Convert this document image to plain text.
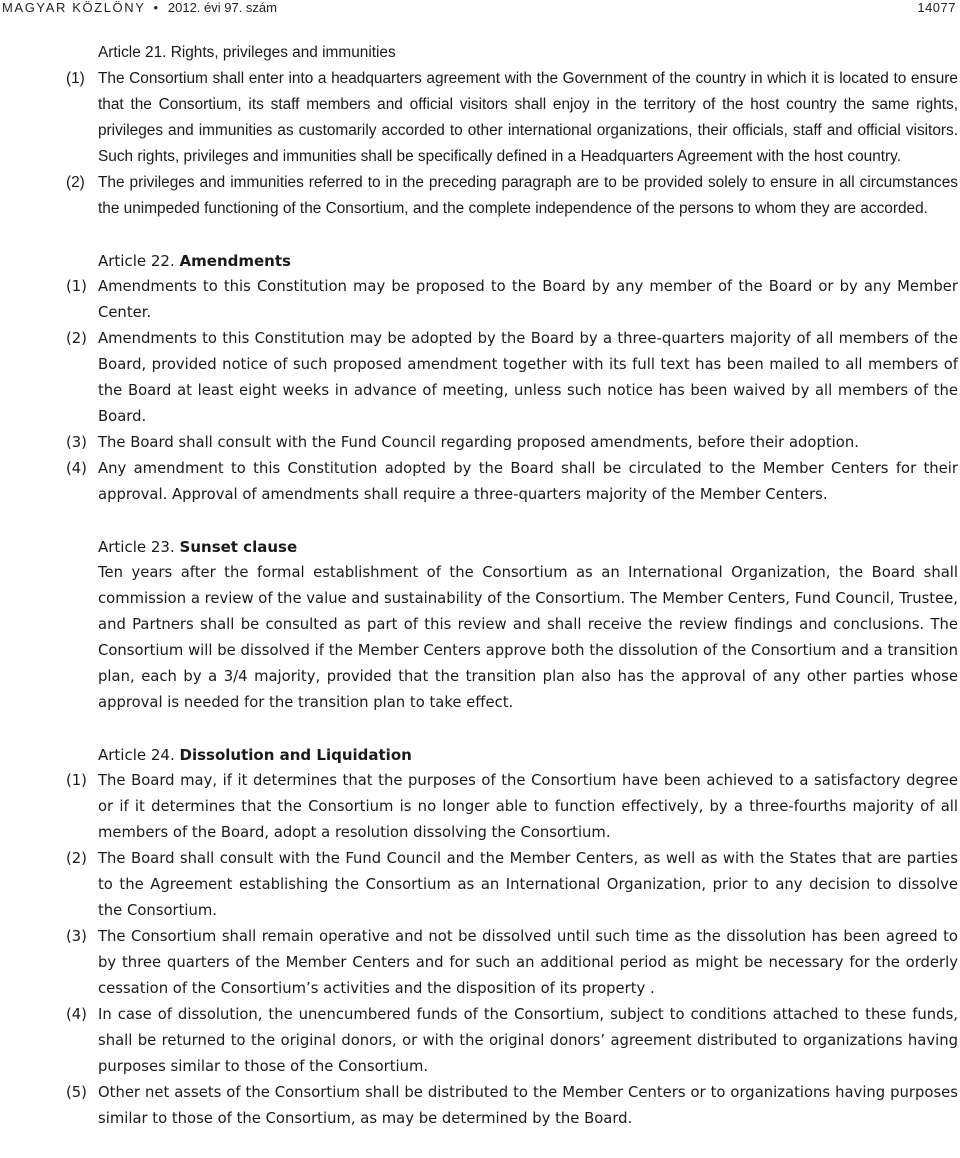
MAGYAR KÖZLÖNY • 2012. évi 97. szám	14077
Article 21. Rights, privileges and immunities

(1) The Consortium shall enter into a headquarters agreement with the Government of the country in which it is located to ensure that the Consortium, its staff members and official visitors shall enjoy in the territory of the host country the same rights, privileges and immunities as customarily accorded to other international organizations, their officials, staff and official visitors. Such rights, privileges and immunities shall be specifically defined in a Headquarters Agreement with the host country.

(2) The privileges and immunities referred to in the preceding paragraph are to be provided solely to ensure in all circumstances the unimpeded functioning of the Consortium, and the complete independence of the persons to whom they are accorded.

Article 22. Amendments

(1) Amendments to this Constitution may be proposed to the Board by any member of the Board or by any Member Center.

(2) Amendments to this Constitution may be adopted by the Board by a three-quarters majority of all members of the Board, provided notice of such proposed amendment together with its full text has been mailed to all members of the Board at least eight weeks in advance of meeting, unless such notice has been waived by all members of the Board.

(3) The Board shall consult with the Fund Council regarding proposed amendments, before their adoption.

(4) Any amendment to this Constitution adopted by the Board shall be circulated to the Member Centers for their approval. Approval of amendments shall require a three-quarters majority of the Member Centers.

Article 23. Sunset clause

Ten years after the formal establishment of the Consortium as an International Organization, the Board shall commission a review of the value and sustainability of the Consortium. The Member Centers, Fund Council, Trustee, and Partners shall be consulted as part of this review and shall receive the review findings and conclusions. The Consortium will be dissolved if the Member Centers approve both the dissolution of the Consortium and a transition plan, each by a 3/4 majority, provided that the transition plan also has the approval of any other parties whose approval is needed for the transition plan to take effect.

Article 24. Dissolution and Liquidation

(1) The Board may, if it determines that the purposes of the Consortium have been achieved to a satisfactory degree or if it determines that the Consortium is no longer able to function effectively, by a three-fourths majority of all members of the Board, adopt a resolution dissolving the Consortium.

(2) The Board shall consult with the Fund Council and the Member Centers, as well as with the States that are parties to the Agreement establishing the Consortium as an International Organization, prior to any decision to dissolve the Consortium.

(3) The Consortium shall remain operative and not be dissolved until such time as the dissolution has been agreed to by three quarters of the Member Centers and for such an additional period as might be necessary for the orderly cessation of the Consortium’s activities and the disposition of its property .

(4) In case of dissolution, the unencumbered funds of the Consortium, subject to conditions attached to these funds, shall be returned to the original donors, or with the original donors’ agreement distributed to organizations having purposes similar to those of the Consortium.

(5) Other net assets of the Consortium shall be distributed to the Member Centers or to organizations having purposes similar to those of the Consortium, as may be determined by the Board.
